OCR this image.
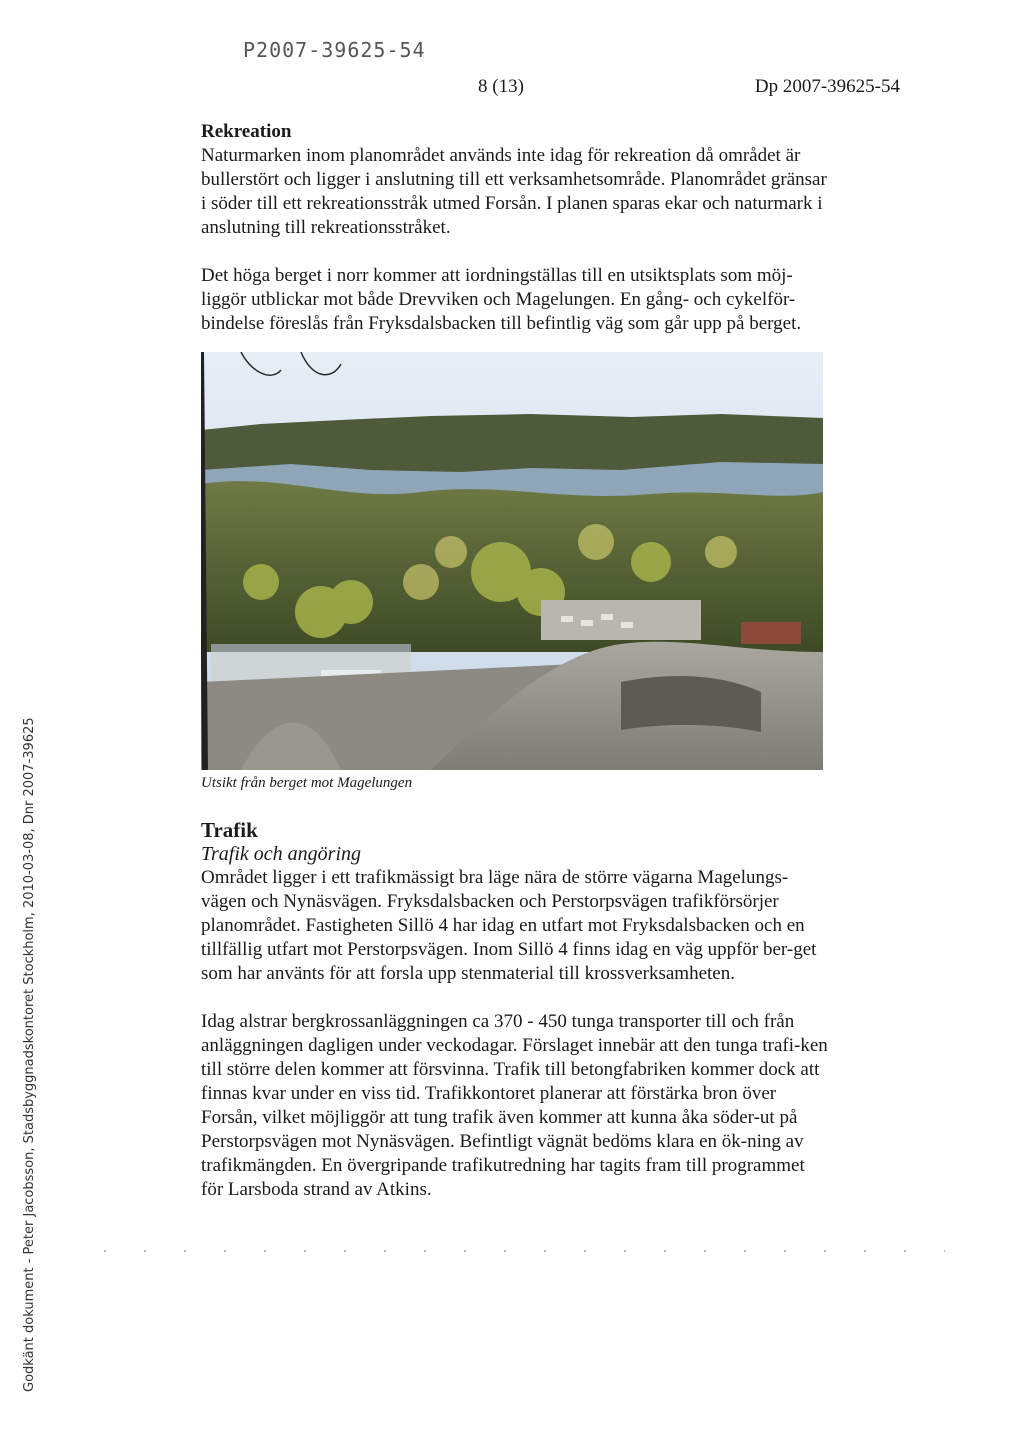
P2007-39625-54
8 (13)	Dp 2007-39625-54
Rekreation

Naturmarken inom planområdet används inte idag för rekreation då området är bullerstört och ligger i anslutning till ett verksamhetsområde. Planområdet gränsar i söder till ett rekreationsstråk utmed Forsån. I planen sparas ekar och naturmark i anslutning till rekreationsstråket.

Det höga berget i norr kommer att iordningställas till en utsiktsplats som möj-liggör utblickar mot både Drevviken och Magelungen. En gång- och cykelför-bindelse föreslås från Fryksdalsbacken till befintlig väg som går upp på berget.

Utsikt från berget mot Magelungen
Trafik
Trafik och angöring

Området ligger i ett trafikmässigt bra läge nära de större vägarna Magelungs-vägen och Nynäsvägen. Fryksdalsbacken och Perstorpsvägen trafikförsörjer planområdet. Fastigheten Sillö 4 har idag en utfart mot Fryksdalsbacken och en tillfällig utfart mot Perstorpsvägen. Inom Sillö 4 finns idag en väg uppför ber-get som har använts för att forsla upp stenmaterial till krossverksamheten.

Idag alstrar bergkrossanläggningen ca 370 - 450 tunga transporter till och från anläggningen dagligen under veckodagar. Förslaget innebär att den tunga trafi-ken till större delen kommer att försvinna. Trafik till betongfabriken kommer dock att finnas kvar under en viss tid. Trafikkontoret planerar att förstärka bron över Forsån, vilket möjliggör att tung trafik även kommer att kunna åka söder-ut på Perstorpsvägen mot Nynäsvägen. Befintligt vägnät bedöms klara en ök-ning av trafikmängden. En övergripande trafikutredning har tagits fram till programmet för Larsboda strand av Atkins.

Godkänt dokument - Peter Jacobsson, Stadsbyggnadskontoret Stockholm, 2010-03-08, Dnr 2007-39625
